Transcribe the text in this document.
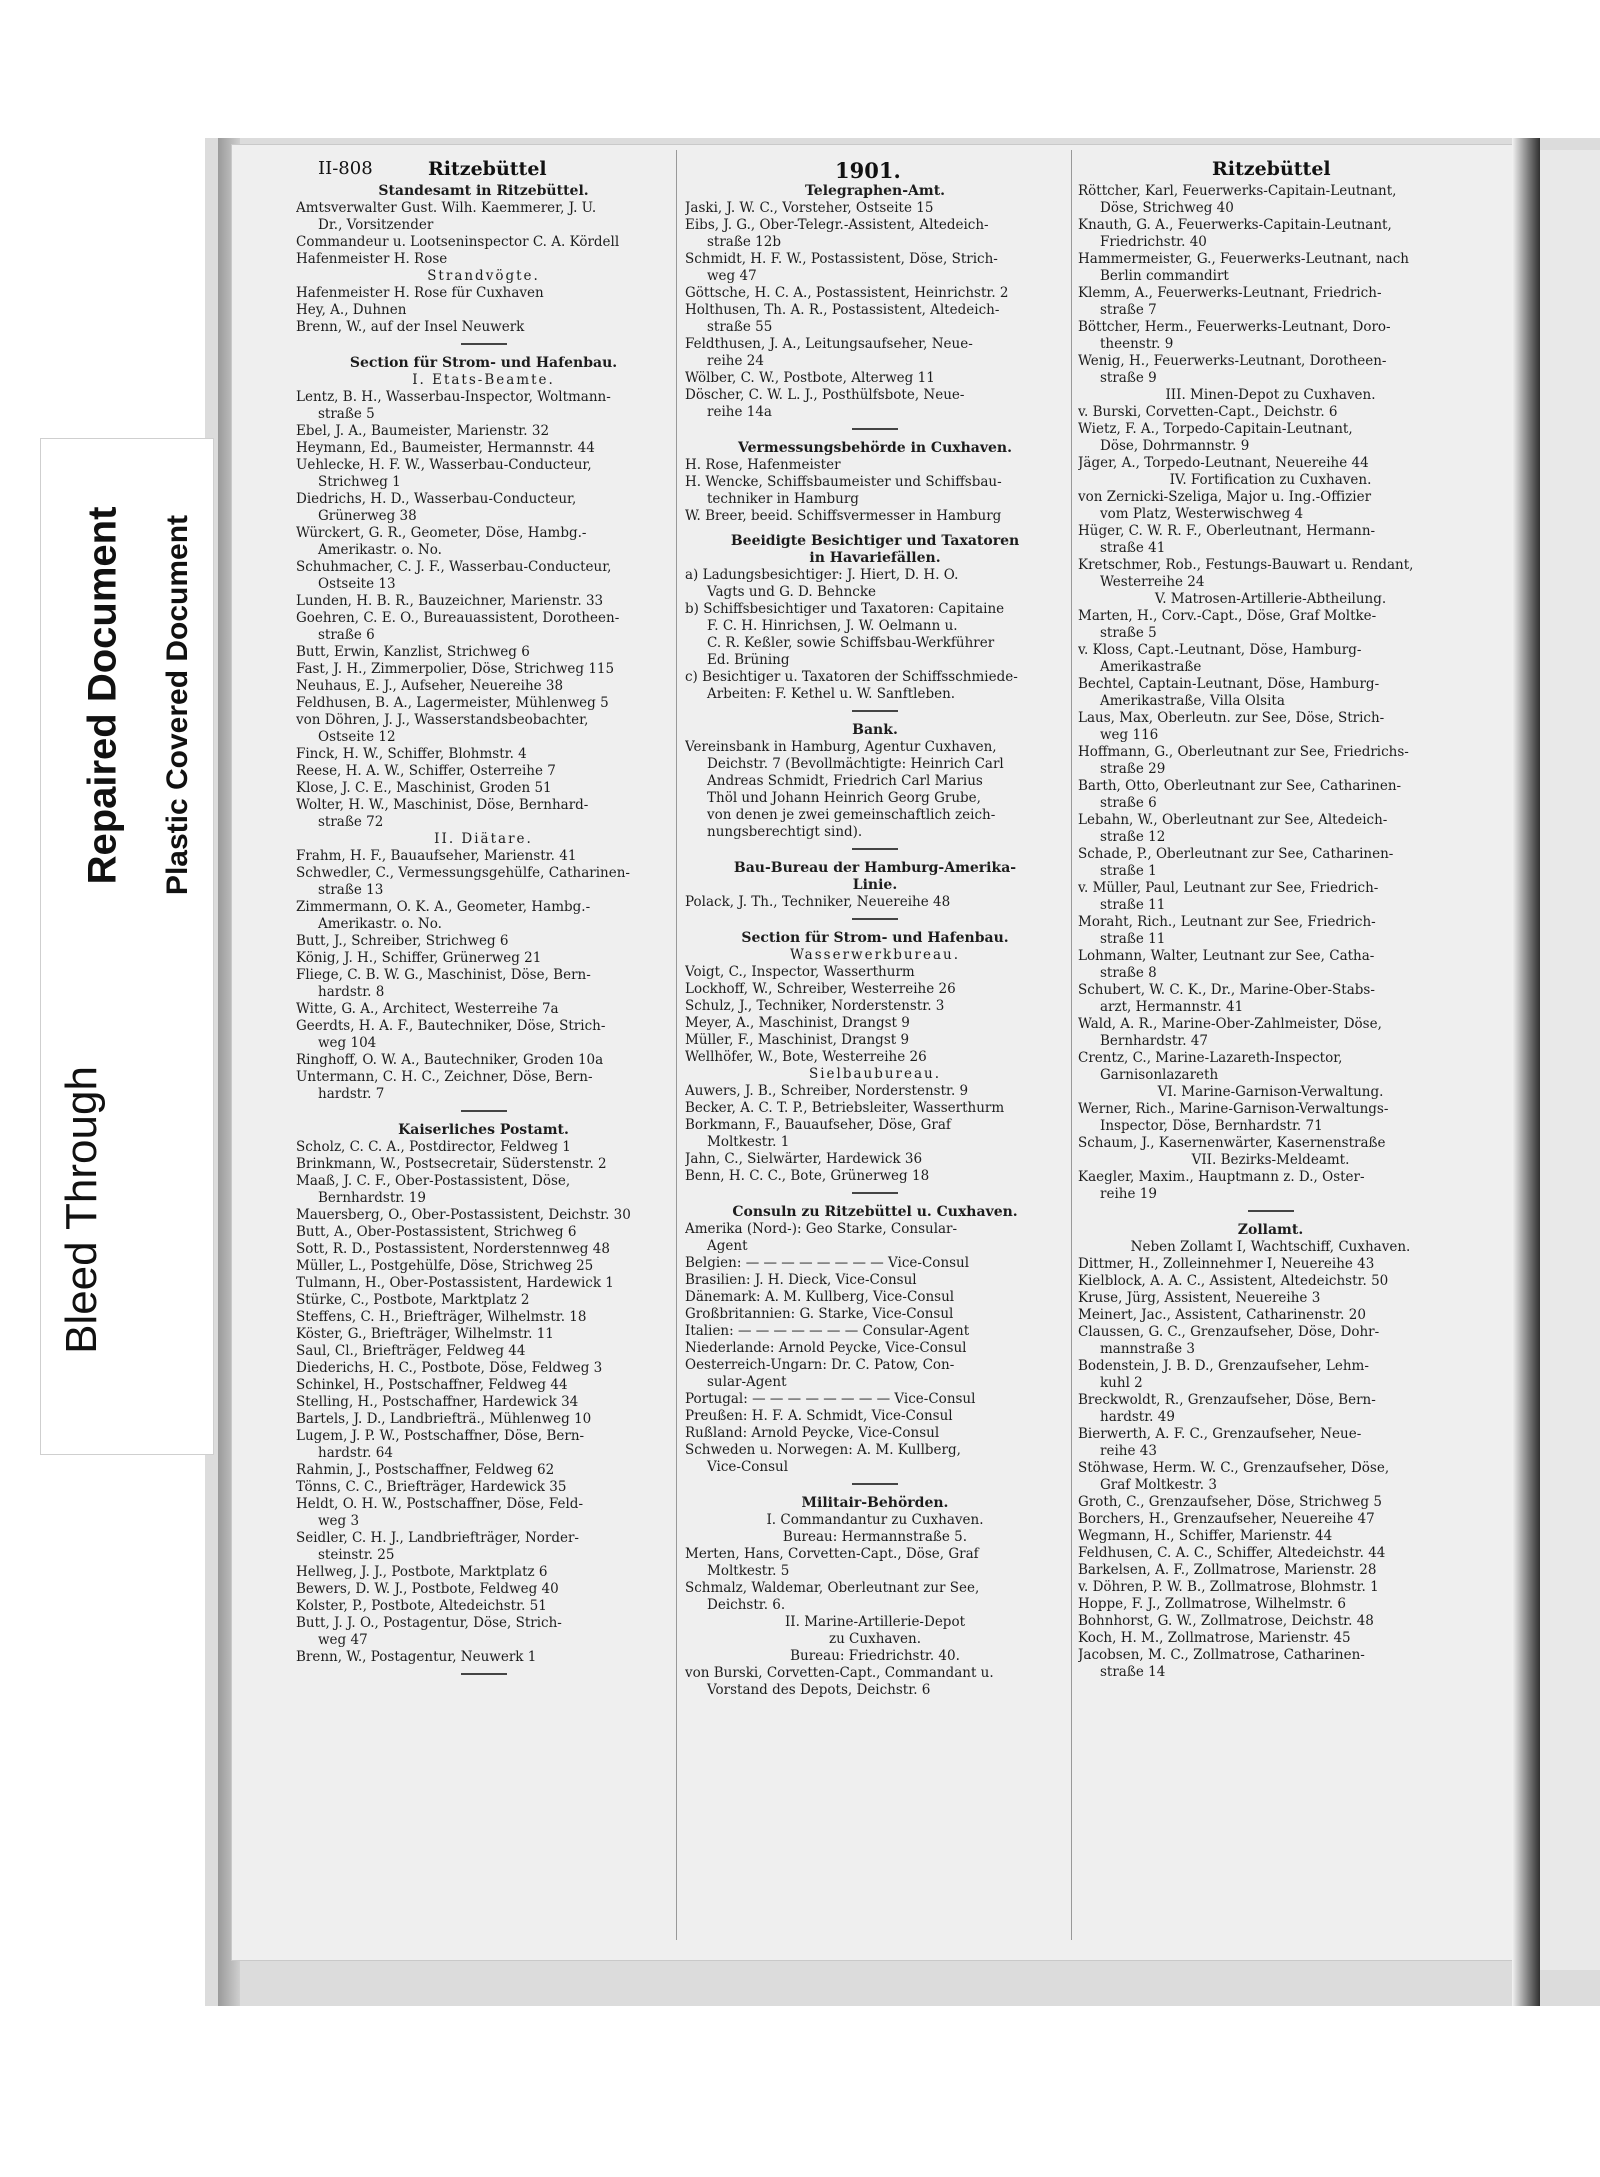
Bleed Through
Repaired Document Plastic Covered Document
II-808	Ritzebüttel	1901.	Ritzebüttel
Standesamt in Ritzebüttel.
Amtsverwalter Gust. Wilh. Kaemmerer, J. U.
Dr., Vorsitzender
Commandeur u. Lootseninspector C. A. Kördell
Hafenmeister H. Rose
Strandvögte.
Hafenmeister H. Rose für Cuxhaven
Hey, A., Duhnen
Brenn, W., auf der Insel Neuwerk
Section für Strom- und Hafenbau.
I. Etats-Beamte.
Lentz, B. H., Wasserbau-Inspector, Woltmann-
straße 5
Ebel, J. A., Baumeister, Marienstr. 32
Heymann, Ed., Baumeister, Hermannstr. 44
Uehlecke, H. F. W., Wasserbau-Conducteur,
Strichweg 1
Diedrichs, H. D., Wasserbau-Conducteur,
Grünerweg 38
Würckert, G. R., Geometer, Döse, Hambg.-
Amerikastr. o. No.
Schuhmacher, C. J. F., Wasserbau-Conducteur,
Ostseite 13
Lunden, H. B. R., Bauzeichner, Marienstr. 33
Goehren, C. E. O., Bureauassistent, Dorotheen-
straße 6
Butt, Erwin, Kanzlist, Strichweg 6
Fast, J. H., Zimmerpolier, Döse, Strichweg 115
Neuhaus, E. J., Aufseher, Neuereihe 38
Feldhusen, B. A., Lagermeister, Mühlenweg 5
von Döhren, J. J., Wasserstandsbeobachter,
Ostseite 12
Finck, H. W., Schiffer, Blohmstr. 4
Reese, H. A. W., Schiffer, Osterreihe 7
Klose, J. C. E., Maschinist, Groden 51
Wolter, H. W., Maschinist, Döse, Bernhard-
straße 72
II. Diätare.
Frahm, H. F., Bauaufseher, Marienstr. 41
Schwedler, C., Vermessungsgehülfe, Catharinen-
straße 13
Zimmermann, O. K. A., Geometer, Hambg.-
Amerikastr. o. No.
Butt, J., Schreiber, Strichweg 6
König, J. H., Schiffer, Grünerweg 21
Fliege, C. B. W. G., Maschinist, Döse, Bern-
hardstr. 8
Witte, G. A., Architect, Westerreihe 7a
Geerdts, H. A. F., Bautechniker, Döse, Strich-
weg 104
Ringhoff, O. W. A., Bautechniker, Groden 10a
Untermann, C. H. C., Zeichner, Döse, Bern-
hardstr. 7
Kaiserliches Postamt.
Scholz, C. C. A., Postdirector, Feldweg 1
Brinkmann, W., Postsecretair, Süderstenstr. 2
Maaß, J. C. F., Ober-Postassistent, Döse,
Bernhardstr. 19
Mauersberg, O., Ober-Postassistent, Deichstr. 30
Butt, A., Ober-Postassistent, Strichweg 6
Sott, R. D., Postassistent, Norderstennweg 48
Müller, L., Postgehülfe, Döse, Strichweg 25
Tulmann, H., Ober-Postassistent, Hardewick 1
Stürke, C., Postbote, Marktplatz 2
Steffens, C. H., Briefträger, Wilhelmstr. 18
Köster, G., Briefträger, Wilhelmstr. 11
Saul, Cl., Briefträger, Feldweg 44
Diederichs, H. C., Postbote, Döse, Feldweg 3
Schinkel, H., Postschaffner, Feldweg 44
Stelling, H., Postschaffner, Hardewick 34
Bartels, J. D., Landbriefträ., Mühlenweg 10
Lugem, J. P. W., Postschaffner, Döse, Bern-
hardstr. 64
Rahmin, J., Postschaffner, Feldweg 62
Tönns, C. C., Briefträger, Hardewick 35
Heldt, O. H. W., Postschaffner, Döse, Feld-
weg 3
Seidler, C. H. J., Landbriefträger, Norder-
steinstr. 25
Hellweg, J. J., Postbote, Marktplatz 6
Bewers, D. W. J., Postbote, Feldweg 40
Kolster, P., Postbote, Altedeichstr. 51
Butt, J. J. O., Postagentur, Döse, Strich-
weg 47
Brenn, W., Postagentur, Neuwerk 1
Telegraphen-Amt.
Jaski, J. W. C., Vorsteher, Ostseite 15
Eibs, J. G., Ober-Telegr.-Assistent, Altedeich-
straße 12b
Schmidt, H. F. W., Postassistent, Döse, Strich-
weg 47
Göttsche, H. C. A., Postassistent, Heinrichstr. 2
Holthusen, Th. A. R., Postassistent, Altedeich-
straße 55
Feldthusen, J. A., Leitungsaufseher, Neue-
reihe 24
Wölber, C. W., Postbote, Alterweg 11
Döscher, C. W. L. J., Posthülfsbote, Neue-
reihe 14a
Vermessungsbehörde in Cuxhaven.
H. Rose, Hafenmeister
H. Wencke, Schiffsbaumeister und Schiffsbau-
techniker in Hamburg
W. Breer, beeid. Schiffsvermesser in Hamburg
Beeidigte Besichtiger und Taxatoren
in Havariefällen.
a) Ladungsbesichtiger: J. Hiert, D. H. O.
Vagts und G. D. Behncke
b) Schiffsbesichtiger und Taxatoren: Capitaine
F. C. H. Hinrichsen, J. W. Oelmann u.
C. R. Keßler, sowie Schiffsbau-Werkführer
Ed. Brüning
c) Besichtiger u. Taxatoren der Schiffsschmiede-
Arbeiten: F. Kethel u. W. Sanftleben.
Bank.
Vereinsbank in Hamburg, Agentur Cuxhaven,
Deichstr. 7 (Bevollmächtigte: Heinrich Carl
Andreas Schmidt, Friedrich Carl Marius
Thöl und Johann Heinrich Georg Grube,
von denen je zwei gemeinschaftlich zeich-
nungsberechtigt sind).
Bau-Bureau der Hamburg-Amerika-
Linie.
Polack, J. Th., Techniker, Neuereihe 48
Section für Strom- und Hafenbau.
Wasserwerkbureau.
Voigt, C., Inspector, Wasserthurm
Lockhoff, W., Schreiber, Westerreihe 26
Schulz, J., Techniker, Norderstenstr. 3
Meyer, A., Maschinist, Drangst 9
Müller, F., Maschinist, Drangst 9
Wellhöfer, W., Bote, Westerreihe 26
Sielbaubureau.
Auwers, J. B., Schreiber, Norderstenstr. 9
Becker, A. C. T. P., Betriebsleiter, Wasserthurm
Borkmann, F., Bauaufseher, Döse, Graf
Moltkestr. 1
Jahn, C., Sielwärter, Hardewick 36
Benn, H. C. C., Bote, Grünerweg 18
Consuln zu Ritzebüttel u. Cuxhaven.
Amerika (Nord-): Geo Starke, Consular-
Agent
Belgien: — — — — — — — — Vice-Consul
Brasilien: J. H. Dieck, Vice-Consul
Dänemark: A. M. Kullberg, Vice-Consul
Großbritannien: G. Starke, Vice-Consul
Italien: — — — — — — — Consular-Agent
Niederlande: Arnold Peycke, Vice-Consul
Oesterreich-Ungarn: Dr. C. Patow, Con-
sular-Agent
Portugal: — — — — — — — — Vice-Consul
Preußen: H. F. A. Schmidt, Vice-Consul
Rußland: Arnold Peycke, Vice-Consul
Schweden u. Norwegen: A. M. Kullberg,
Vice-Consul
Militair-Behörden.
I. Commandantur zu Cuxhaven.
Bureau: Hermannstraße 5.
Merten, Hans, Corvetten-Capt., Döse, Graf
Moltkestr. 5
Schmalz, Waldemar, Oberleutnant zur See,
Deichstr. 6.
II. Marine-Artillerie-Depot
zu Cuxhaven.
Bureau: Friedrichstr. 40.
von Burski, Corvetten-Capt., Commandant u.
Vorstand des Depots, Deichstr. 6
Röttcher, Karl, Feuerwerks-Capitain-Leutnant,
Döse, Strichweg 40
Knauth, G. A., Feuerwerks-Capitain-Leutnant,
Friedrichstr. 40
Hammermeister, G., Feuerwerks-Leutnant, nach
Berlin commandirt
Klemm, A., Feuerwerks-Leutnant, Friedrich-
straße 7
Böttcher, Herm., Feuerwerks-Leutnant, Doro-
theenstr. 9
Wenig, H., Feuerwerks-Leutnant, Dorotheen-
straße 9
III. Minen-Depot zu Cuxhaven.
v. Burski, Corvetten-Capt., Deichstr. 6
Wietz, F. A., Torpedo-Capitain-Leutnant,
Döse, Dohrmannstr. 9
Jäger, A., Torpedo-Leutnant, Neuereihe 44
IV. Fortification zu Cuxhaven.
von Zernicki-Szeliga, Major u. Ing.-Offizier
vom Platz, Westerwischweg 4
Hüger, C. W. R. F., Oberleutnant, Hermann-
straße 41
Kretschmer, Rob., Festungs-Bauwart u. Rendant,
Westerreihe 24
V. Matrosen-Artillerie-Abtheilung.
Marten, H., Corv.-Capt., Döse, Graf Moltke-
straße 5
v. Kloss, Capt.-Leutnant, Döse, Hamburg-
Amerikastraße
Bechtel, Captain-Leutnant, Döse, Hamburg-
Amerikastraße, Villa Olsita
Laus, Max, Oberleutn. zur See, Döse, Strich-
weg 116
Hoffmann, G., Oberleutnant zur See, Friedrichs-
straße 29
Barth, Otto, Oberleutnant zur See, Catharinen-
straße 6
Lebahn, W., Oberleutnant zur See, Altedeich-
straße 12
Schade, P., Oberleutnant zur See, Catharinen-
straße 1
v. Müller, Paul, Leutnant zur See, Friedrich-
straße 11
Moraht, Rich., Leutnant zur See, Friedrich-
straße 11
Lohmann, Walter, Leutnant zur See, Catha-
straße 8
Schubert, W. C. K., Dr., Marine-Ober-Stabs-
arzt, Hermannstr. 41
Wald, A. R., Marine-Ober-Zahlmeister, Döse,
Bernhardstr. 47
Crentz, C., Marine-Lazareth-Inspector,
Garnisonlazareth
VI. Marine-Garnison-Verwaltung.
Werner, Rich., Marine-Garnison-Verwaltungs-
Inspector, Döse, Bernhardstr. 71
Schaum, J., Kasernenwärter, Kasernenstraße
VII. Bezirks-Meldeamt.
Kaegler, Maxim., Hauptmann z. D., Oster-
reihe 19
Zollamt.
Neben Zollamt I, Wachtschiff, Cuxhaven.
Dittmer, H., Zolleinnehmer I, Neuereihe 43
Kielblock, A. A. C., Assistent, Altedeichstr. 50
Kruse, Jürg, Assistent, Neuereihe 3
Meinert, Jac., Assistent, Catharinenstr. 20
Claussen, G. C., Grenzaufseher, Döse, Dohr-
mannstraße 3
Bodenstein, J. B. D., Grenzaufseher, Lehm-
kuhl 2
Breckwoldt, R., Grenzaufseher, Döse, Bern-
hardstr. 49
Bierwerth, A. F. C., Grenzaufseher, Neue-
reihe 43
Stöhwase, Herm. W. C., Grenzaufseher, Döse,
Graf Moltkestr. 3
Groth, C., Grenzaufseher, Döse, Strichweg 5
Borchers, H., Grenzaufseher, Neuereihe 47
Wegmann, H., Schiffer, Marienstr. 44
Feldhusen, C. A. C., Schiffer, Altedeichstr. 44
Barkelsen, A. F., Zollmatrose, Marienstr. 28
v. Döhren, P. W. B., Zollmatrose, Blohmstr. 1
Hoppe, F. J., Zollmatrose, Wilhelmstr. 6
Bohnhorst, G. W., Zollmatrose, Deichstr. 48
Koch, H. M., Zollmatrose, Marienstr. 45
Jacobsen, M. C., Zollmatrose, Catharinen-
straße 14
